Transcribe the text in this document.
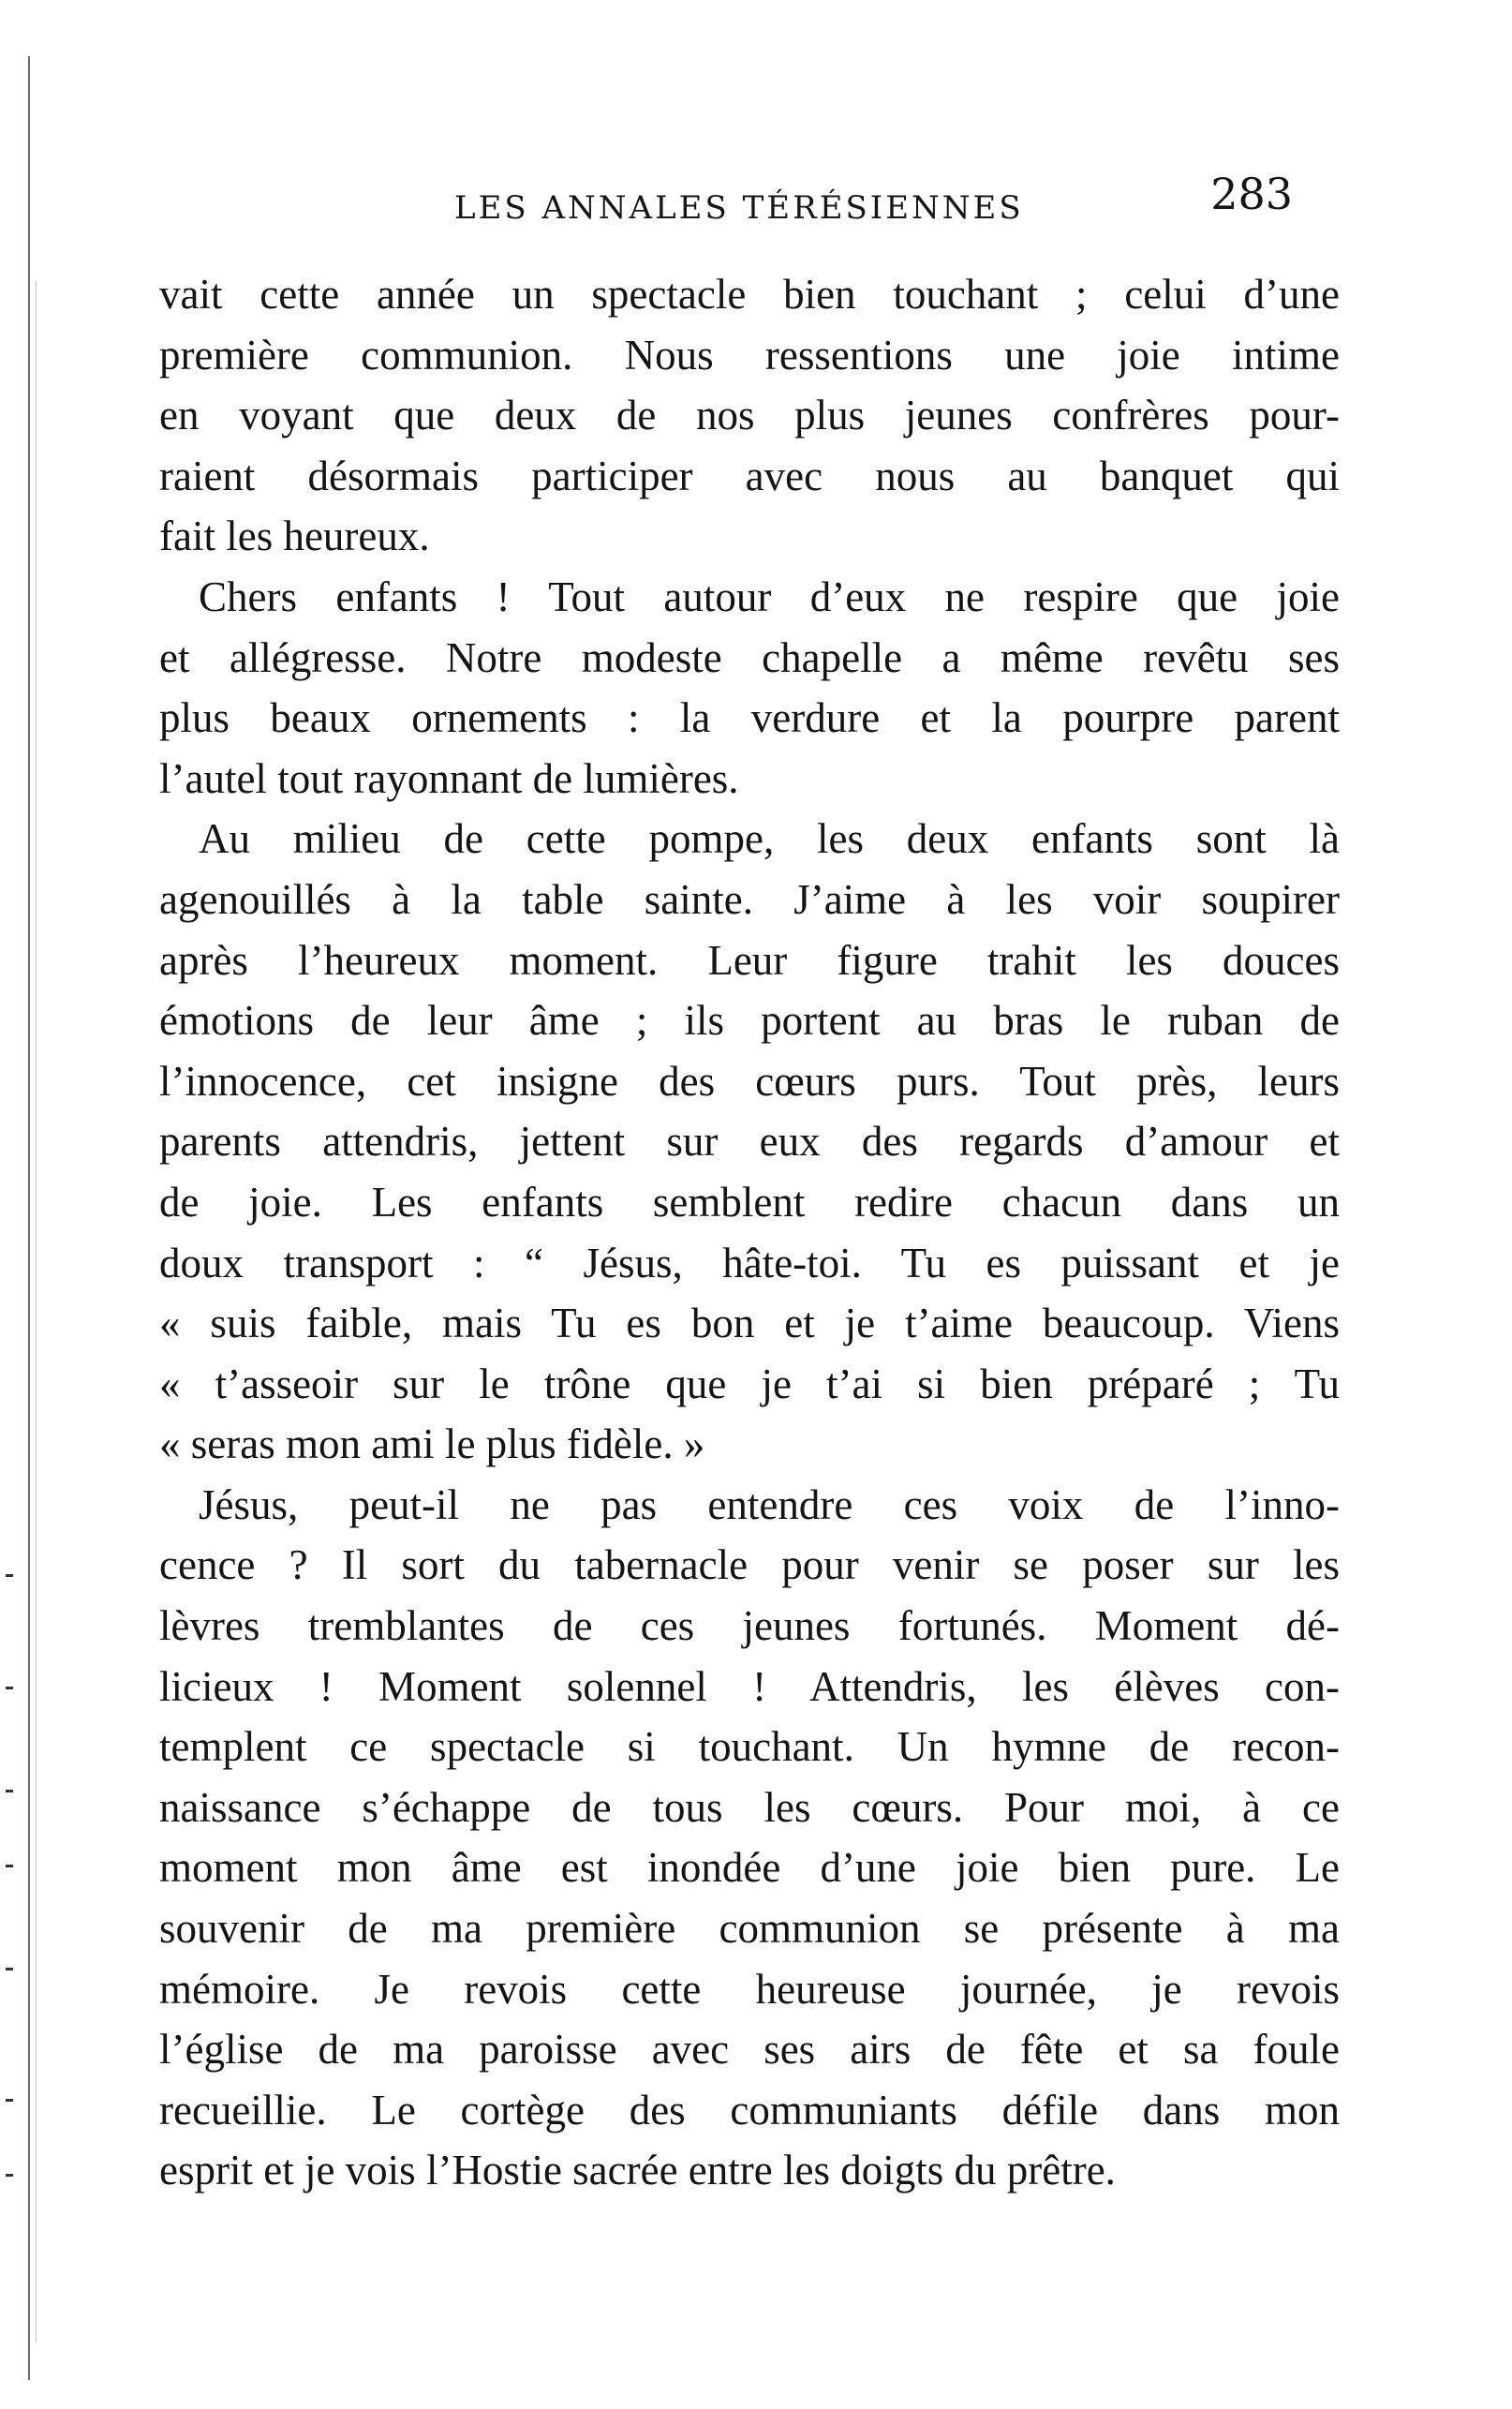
LES ANNALES TÉRÉSIENNES	283
vait cette année un spectacle bien touchant ; celui d’une
première communion. Nous ressentions une joie intime
en voyant que deux de nos plus jeunes confrères pour-
raient désormais participer avec nous au banquet qui
fait les heureux.
Chers enfants ! Tout autour d’eux ne respire que joie
et allégresse. Notre modeste chapelle a même revêtu ses
plus beaux ornements : la verdure et la pourpre parent
l’autel tout rayonnant de lumières.
Au milieu de cette pompe, les deux enfants sont là
agenouillés à la table sainte. J’aime à les voir soupirer
après l’heureux moment. Leur figure trahit les douces
émotions de leur âme ; ils portent au bras le ruban de
l’innocence, cet insigne des cœurs purs. Tout près, leurs
parents attendris, jettent sur eux des regards d’amour et
de joie. Les enfants semblent redire chacun dans un
doux transport : “ Jésus, hâte-toi. Tu es puissant et je
« suis faible, mais Tu es bon et je t’aime beaucoup. Viens
« t’asseoir sur le trône que je t’ai si bien préparé ; Tu
« seras mon ami le plus fidèle. »
Jésus, peut-il ne pas entendre ces voix de l’inno-
cence ? Il sort du tabernacle pour venir se poser sur les
lèvres tremblantes de ces jeunes fortunés. Moment dé-
licieux ! Moment solennel ! Attendris, les élèves con-
templent ce spectacle si touchant. Un hymne de recon-
naissance s’échappe de tous les cœurs. Pour moi, à ce
moment mon âme est inondée d’une joie bien pure. Le
souvenir de ma première communion se présente à ma
mémoire. Je revois cette heureuse journée, je revois
l’église de ma paroisse avec ses airs de fête et sa foule
recueillie. Le cortège des communiants défile dans mon
esprit et je vois l’Hostie sacrée entre les doigts du prêtre.
